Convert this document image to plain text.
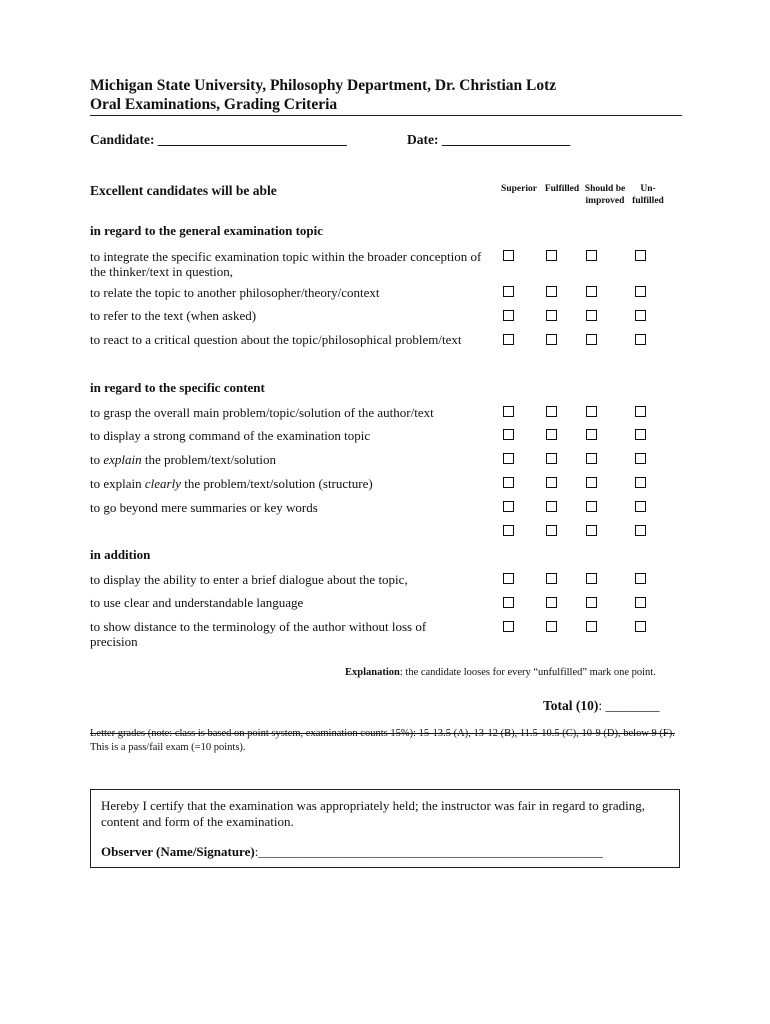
Michigan State University, Philosophy Department, Dr. Christian Lotz
Oral Examinations, Grading Criteria
Candidate: ____________________________	Date: ___________________
Excellent candidates will be able	Superior Fulfilled Should be
improved
Un-
fulfilled
in regard to the general examination topic
to integrate the specific examination topic within the broader conception of the thinker/text in question,
to relate the topic to another philosopher/theory/context
to refer to the text (when asked)
to react to a critical question about the topic/philosophical problem/text
in regard to the specific content
to grasp the overall main problem/topic/solution of the author/text
to display a strong command of the examination topic
to explain the problem/text/solution
to explain clearly the problem/text/solution (structure)
to go beyond mere summaries or key words
in addition
to display the ability to enter a brief dialogue about the topic,
to use clear and understandable language
to show distance to the terminology of the author without loss of precision
Explanation: the candidate looses for every “unfulfilled” mark one point.
Total (10): ________
Letter grades (note: class is based on point system, examination counts 15%): 15-13.5 (A), 13-12 (B), 11.5-10.5 (C), 10-9 (D), below 9 (F). This is a pass/fail exam (=10 points).
Hereby I certify that the examination was appropriately held; the instructor was fair in regard to grading, content and form of the examination.
Observer (Name/Signature):_____________________________________________________
